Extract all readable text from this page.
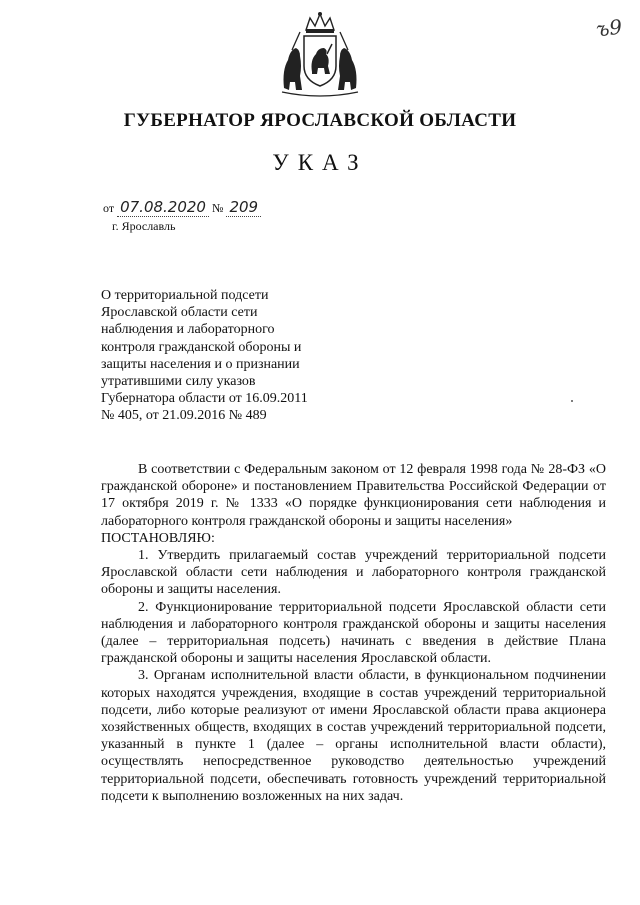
ъ9
ГУБЕРНАТОР ЯРОСЛАВСКОЙ ОБЛАСТИ
УКАЗ
от 07.08.2020 № 209
г. Ярославль

О территориальной подсети
Ярославской области сети
наблюдения и лабораторного
контроля гражданской обороны и
защиты населения и о признании
утратившими силу указов
Губернатора области от 16.09.2011
№ 405, от 21.09.2016 № 489

В соответствии с Федеральным законом от 12 февраля 1998 года № 28-ФЗ «О гражданской обороне» и постановлением Правительства Российской Федерации от 17 октября 2019 г. № 1333 «О порядке функционирования сети наблюдения и лабораторного контроля гражданской обороны и защиты населения»

ПОСТАНОВЛЯЮ:

1. Утвердить прилагаемый состав учреждений территориальной подсети Ярославской области сети наблюдения и лабораторного контроля гражданской обороны и защиты населения.

2. Функционирование территориальной подсети Ярославской области сети наблюдения и лабораторного контроля гражданской обороны и защиты населения (далее – территориальная подсеть) начинать с введения в действие Плана гражданской обороны и защиты населения Ярославской области.

3. Органам исполнительной власти области, в функциональном подчинении которых находятся учреждения, входящие в состав учреждений территориальной подсети, либо которые реализуют от имени Ярославской области права акционера хозяйственных обществ, входящих в состав учреждений территориальной подсети, указанный в пункте 1 (далее – органы исполнительной власти области), осуществлять непосредственное руководство деятельностью учреждений территориальной подсети, обеспечивать готовность учреждений территориальной подсети к выполнению возложенных на них задач.
